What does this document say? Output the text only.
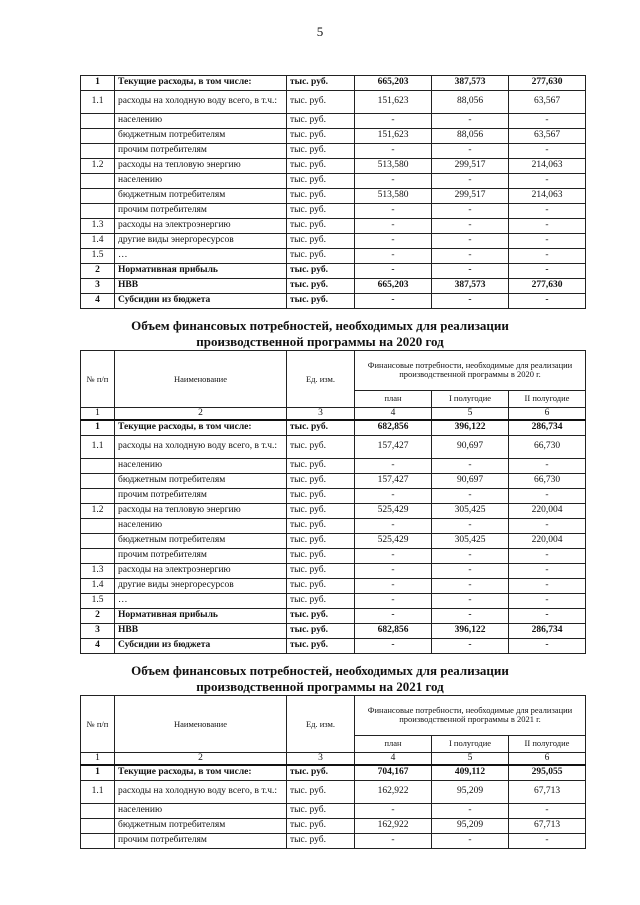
5
1	Текущие расходы, в том числе:	тыс. руб.	665,203	387,573	277,630
1.1	расходы на холодную воду всего, в т.ч.:	тыс. руб.	151,623	88,056	63,567
	населению	тыс. руб.	-	-	-
	бюджетным потребителям	тыс. руб.	151,623	88,056	63,567
	прочим потребителям	тыс. руб.	-	-	-
1.2	расходы на тепловую энергию	тыс. руб.	513,580	299,517	214,063
	населению	тыс. руб.	-	-	-
	бюджетным потребителям	тыс. руб.	513,580	299,517	214,063
	прочим потребителям	тыс. руб.	-	-	-
1.3	расходы на электроэнергию	тыс. руб.	-	-	-
1.4	другие виды энергоресурсов	тыс. руб.	-	-	-
1.5	…	тыс. руб.	-	-	-
2	Нормативная прибыль	тыс. руб.	-	-	-
3	НВВ	тыс. руб.	665,203	387,573	277,630
4	Субсидии из бюджета	тыс. руб.	-	-	-
Объем финансовых потребностей, необходимых для реализации
производственной программы на 2020 год
№ п/п	Наименование	Ед. изм.	Финансовые потребности, необходимые для реализации производственной программы в 2020 г.		
			план	I полугодие	II полугодие
1	2	3	4	5	6
1	Текущие расходы, в том числе:	тыс. руб.	682,856	396,122	286,734
1.1	расходы на холодную воду всего, в т.ч.:	тыс. руб.	157,427	90,697	66,730
	населению	тыс. руб.	-	-	-
	бюджетным потребителям	тыс. руб.	157,427	90,697	66,730
	прочим потребителям	тыс. руб.	-	-	-
1.2	расходы на тепловую энергию	тыс. руб.	525,429	305,425	220,004
	населению	тыс. руб.	-	-	-
	бюджетным потребителям	тыс. руб.	525,429	305,425	220,004
	прочим потребителям	тыс. руб.	-	-	-
1.3	расходы на электроэнергию	тыс. руб.	-	-	-
1.4	другие виды энергоресурсов	тыс. руб.	-	-	-
1.5	…	тыс. руб.	-	-	-
2	Нормативная прибыль	тыс. руб.	-	-	-
3	НВВ	тыс. руб.	682,856	396,122	286,734
4	Субсидии из бюджета	тыс. руб.	-	-	-
Объем финансовых потребностей, необходимых для реализации
производственной программы на 2021 год
№ п/п	Наименование	Ед. изм.	Финансовые потребности, необходимые для реализации производственной программы в 2021 г.		
			план	I полугодие	II полугодие
1	2	3	4	5	6
1	Текущие расходы, в том числе:	тыс. руб.	704,167	409,112	295,055
1.1	расходы на холодную воду всего, в т.ч.:	тыс. руб.	162,922	95,209	67,713
	населению	тыс. руб.	-	-	-
	бюджетным потребителям	тыс. руб.	162,922	95,209	67,713
	прочим потребителям	тыс. руб.	-	-	-
